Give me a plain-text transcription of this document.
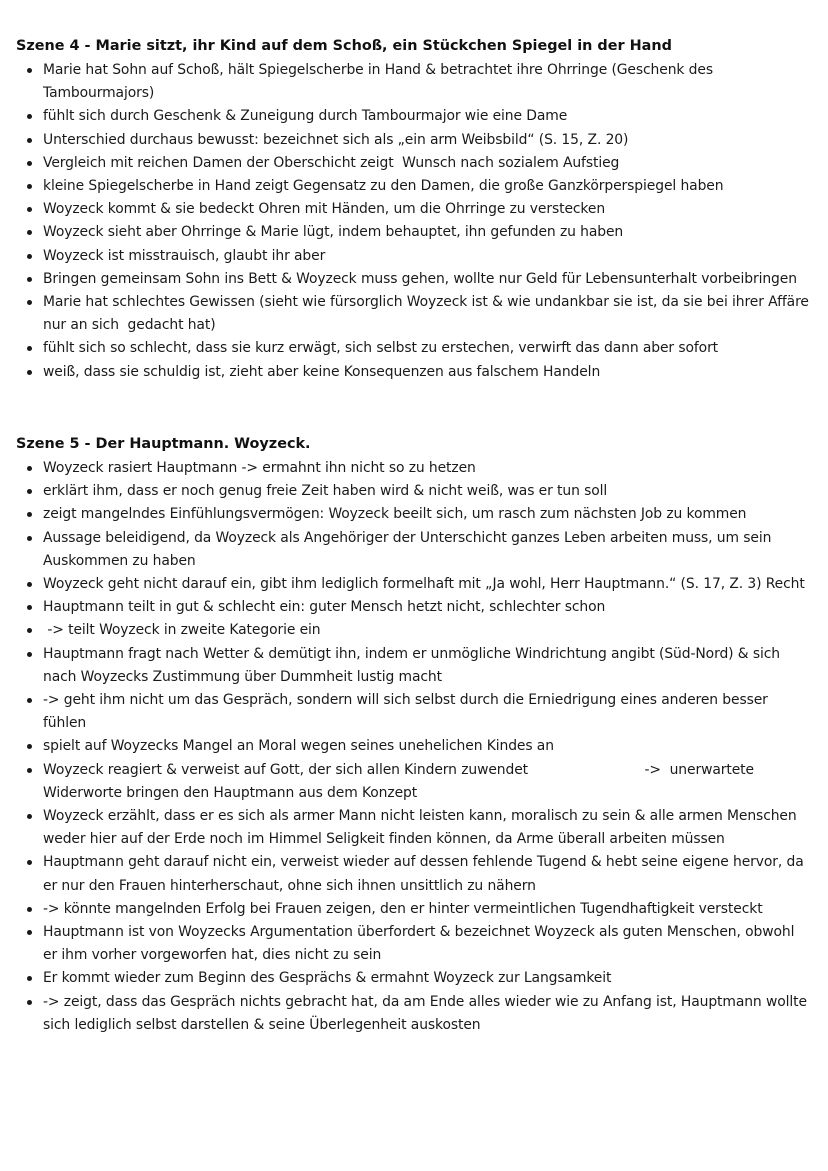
Szene 4 - Marie sitzt, ihr Kind auf dem Schoß, ein Stückchen Spiegel in der Hand
Marie hat Sohn auf Schoß, hält Spiegelscherbe in Hand & betrachtet ihre Ohrringe (Geschenk des Tambourmajors)
fühlt sich durch Geschenk & Zuneigung durch Tambourmajor wie eine Dame
Unterschied durchaus bewusst: bezeichnet sich als „ein arm Weibsbild“ (S. 15, Z. 20)
Vergleich mit reichen Damen der Oberschicht zeigt  Wunsch nach sozialem Aufstieg
kleine Spiegelscherbe in Hand zeigt Gegensatz zu den Damen, die große Ganzkörperspiegel haben
Woyzeck kommt & sie bedeckt Ohren mit Händen, um die Ohrringe zu verstecken
Woyzeck sieht aber Ohrringe & Marie lügt, indem behauptet, ihn gefunden zu haben
Woyzeck ist misstrauisch, glaubt ihr aber
Bringen gemeinsam Sohn ins Bett & Woyzeck muss gehen, wollte nur Geld für Lebensunterhalt vorbeibringen
Marie hat schlechtes Gewissen (sieht wie fürsorglich Woyzeck ist & wie undankbar sie ist, da sie bei ihrer Affäre  nur an sich  gedacht hat)
fühlt sich so schlecht, dass sie kurz erwägt, sich selbst zu erstechen, verwirft das dann aber sofort
weiß, dass sie schuldig ist, zieht aber keine Konsequenzen aus falschem Handeln
Szene 5 - Der Hauptmann. Woyzeck.
Woyzeck rasiert Hauptmann -> ermahnt ihn nicht so zu hetzen
erklärt ihm, dass er noch genug freie Zeit haben wird & nicht weiß, was er tun soll
zeigt mangelndes Einfühlungsvermögen: Woyzeck beeilt sich, um rasch zum nächsten Job zu kommen
Aussage beleidigend, da Woyzeck als Angehöriger der Unterschicht ganzes Leben arbeiten muss, um sein Auskommen zu haben
Woyzeck geht nicht darauf ein, gibt ihm lediglich formelhaft mit „Ja wohl, Herr Hauptmann.“ (S. 17, Z. 3) Recht
Hauptmann teilt in gut & schlecht ein: guter Mensch hetzt nicht, schlechter schon
-> teilt Woyzeck in zweite Kategorie ein
Hauptmann fragt nach Wetter & demütigt ihn, indem er unmögliche Windrichtung angibt (Süd-Nord) & sich nach Woyzecks Zustimmung über Dummheit lustig macht
-> geht ihm nicht um das Gespräch, sondern will sich selbst durch die Erniedrigung eines anderen besser fühlen
spielt auf Woyzecks Mangel an Moral wegen seines unehelichen Kindes an
Woyzeck reagiert & verweist auf Gott, der sich allen Kindern zuwendet                           ->  unerwartete Widerworte bringen den Hauptmann aus dem Konzept
Woyzeck erzählt, dass er es sich als armer Mann nicht leisten kann, moralisch zu sein & alle armen Menschen weder hier auf der Erde noch im Himmel Seligkeit finden können, da Arme überall arbeiten müssen
Hauptmann geht darauf nicht ein, verweist wieder auf dessen fehlende Tugend & hebt seine eigene hervor, da er nur den Frauen hinterherschaut, ohne sich ihnen unsittlich zu nähern
-> könnte mangelnden Erfolg bei Frauen zeigen, den er hinter vermeintlichen Tugendhaftigkeit versteckt
Hauptmann ist von Woyzecks Argumentation überfordert & bezeichnet Woyzeck als guten Menschen, obwohl er ihm vorher vorgeworfen hat, dies nicht zu sein
Er kommt wieder zum Beginn des Gesprächs & ermahnt Woyzeck zur Langsamkeit
-> zeigt, dass das Gespräch nichts gebracht hat, da am Ende alles wieder wie zu Anfang ist, Hauptmann wollte sich lediglich selbst darstellen & seine Überlegenheit auskosten
